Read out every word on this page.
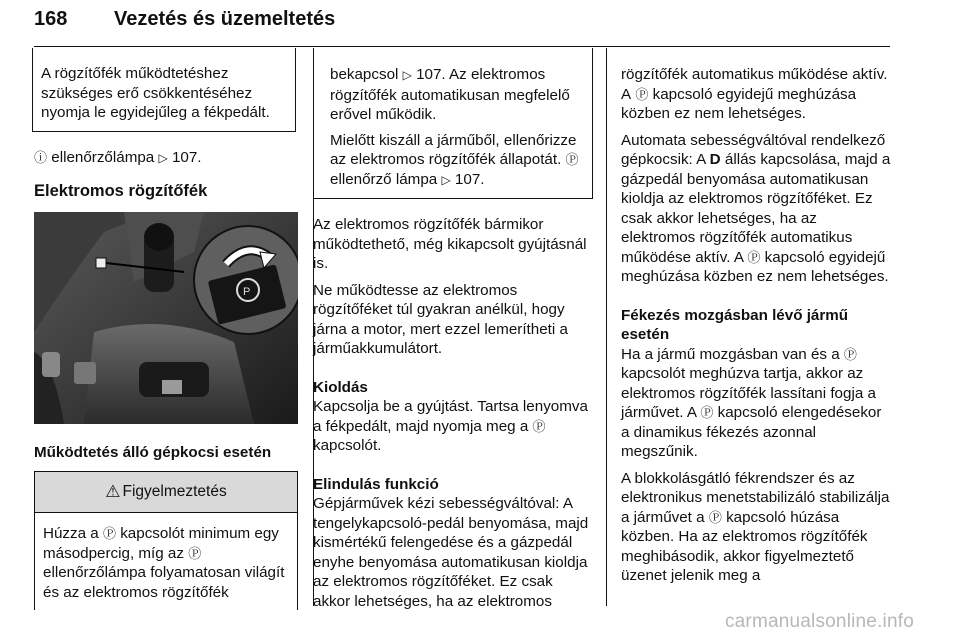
168 Vezetés és üzemeltetés

A rögzítőfék működtetéshez szükséges erő csökkentéséhez nyomja le egyidejűleg a fékpedált.

ⓘ ellenőrzőlámpa ▷ 107.

Elektromos rögzítőfék

P

Működtetés álló gépkocsi esetén

⚠ Figyelmeztetés
Húzza a Ⓟ kapcsolót minimum egy másodpercig, míg az Ⓟ ellenőrzőlámpa folyamatosan világít és az elektromos rögzítőfék

bekapcsol ▷ 107. Az elektromos rögzítőfék automatikusan megfelelő erővel működik.

Mielőtt kiszáll a járműből, ellenőrizze az elektromos rögzítőfék állapotát. Ⓟ ellenőrző lámpa ▷ 107.

Az elektromos rögzítőfék bármikor működtethető, még kikapcsolt gyújtásnál is.

Ne működtesse az elektromos rögzítőféket túl gyakran anélkül, hogy járna a motor, mert ezzel lemerítheti a járműakkumulátort.

Kioldás

Kapcsolja be a gyújtást. Tartsa lenyomva a fékpedált, majd nyomja meg a Ⓟ kapcsolót.

Elindulás funkció

Gépjárművek kézi sebességváltóval: A tengelykapcsoló-pedál benyomása, majd kismértékű felengedése és a gázpedál enyhe benyomása automatikusan kioldja az elektromos rögzítőféket. Ez csak akkor lehetséges, ha az elektromos

rögzítőfék automatikus működése aktív. A Ⓟ kapcsoló egyidejű meghúzása közben ez nem lehetséges.

Automata sebességváltóval rendelkező gépkocsik: A D állás kapcsolása, majd a gázpedál benyomása automatikusan kioldja az elektromos rögzítőféket. Ez csak akkor lehetséges, ha az elektromos rögzítőfék automatikus működése aktív. A Ⓟ kapcsoló egyidejű meghúzása közben ez nem lehetséges.

Fékezés mozgásban lévő jármű esetén

Ha a jármű mozgásban van és a Ⓟ kapcsolót meghúzva tartja, akkor az elektromos rögzítőfék lassítani fogja a járművet. A Ⓟ kapcsoló elengedésekor a dinamikus fékezés azonnal megszűnik.

A blokkolásgátló fékrendszer és az elektronikus menetstabilizáló stabilizálja a járművet a Ⓟ kapcsoló húzása közben. Ha az elektromos rögzítőfék meghibásodik, akkor figyelmeztető üzenet jelenik meg a

carmanualsonline.info
